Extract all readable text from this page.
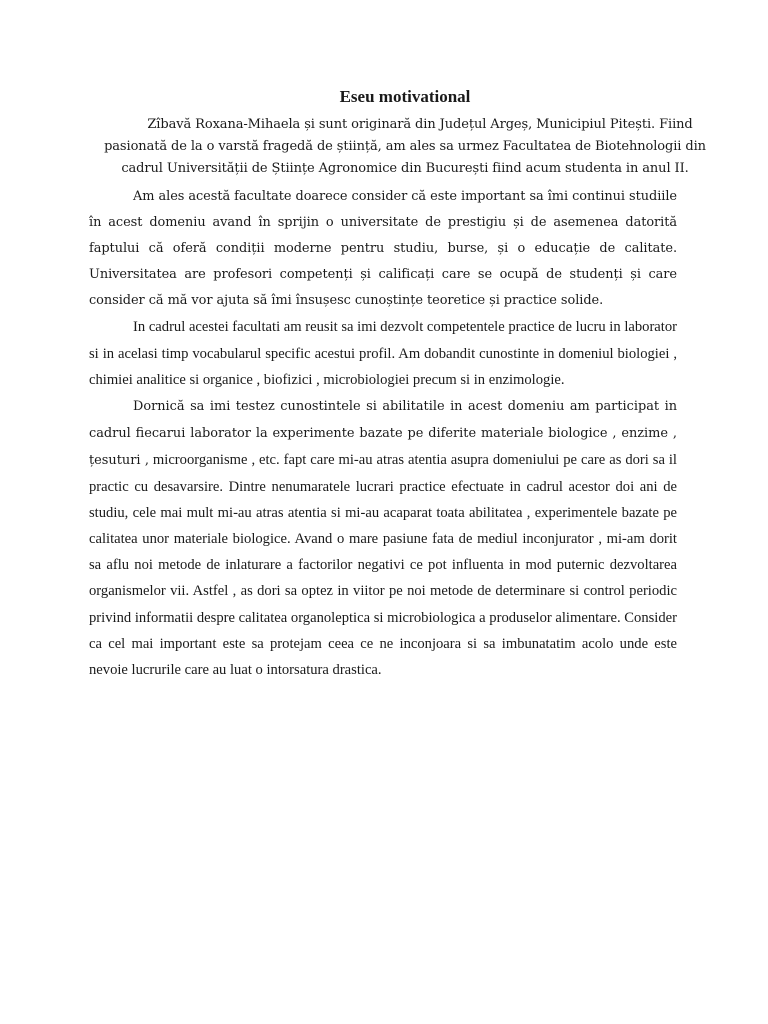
Eseu motivational
Zîbavă Roxana-Mihaela și sunt originară din Județul Argeș, Municipiul Pitești. Fiind
pasionată de la o varstă fragedă de știință, am ales sa urmez Facultatea de Biotehnologii din
cadrul Universității de Științe Agronomice din București fiind acum studenta in anul II.

Am ales acestă facultate doarece consider că este important sa îmi continui studiile în acest domeniu avand în sprijin o universitate de prestigiu și de asemenea datorită faptului că oferă condiții moderne pentru studiu, burse, și o educație de calitate. Universitatea are profesori competenți și calificați care se ocupă de studenți și care consider că mă vor ajuta să îmi însușesc cunoștințe teoretice și practice solide.

In cadrul acestei facultati am reusit sa imi dezvolt competentele practice de lucru in laborator si in acelasi timp vocabularul specific acestui profil. Am dobandit cunostinte in domeniul biologiei , chimiei analitice si organice , biofizici , microbiologiei precum si in enzimologie.

Dornică sa imi testez cunostintele si abilitatile in acest domeniu am participat in cadrul fiecarui laborator la experimente bazate pe diferite materiale biologice , enzime , țesuturi , microorganisme , etc. fapt care mi-au atras atentia asupra domeniului pe care as dori sa il practic cu desavarsire. Dintre nenumaratele lucrari practice efectuate in cadrul acestor doi ani de studiu, cele mai mult mi-au atras atentia si mi-au acaparat toata abilitatea , experimentele bazate pe calitatea unor materiale biologice. Avand o mare pasiune fata de mediul inconjurator , mi-am dorit sa aflu noi metode de inlaturare a factorilor negativi ce pot influenta in mod puternic dezvoltarea organismelor vii. Astfel , as dori sa optez in viitor pe noi metode de determinare si control periodic privind informatii despre calitatea organoleptica si microbiologica a produselor alimentare. Consider ca cel mai important este sa protejam ceea ce ne inconjoara si sa imbunatatim acolo unde este nevoie lucrurile care au luat o intorsatura drastica.
